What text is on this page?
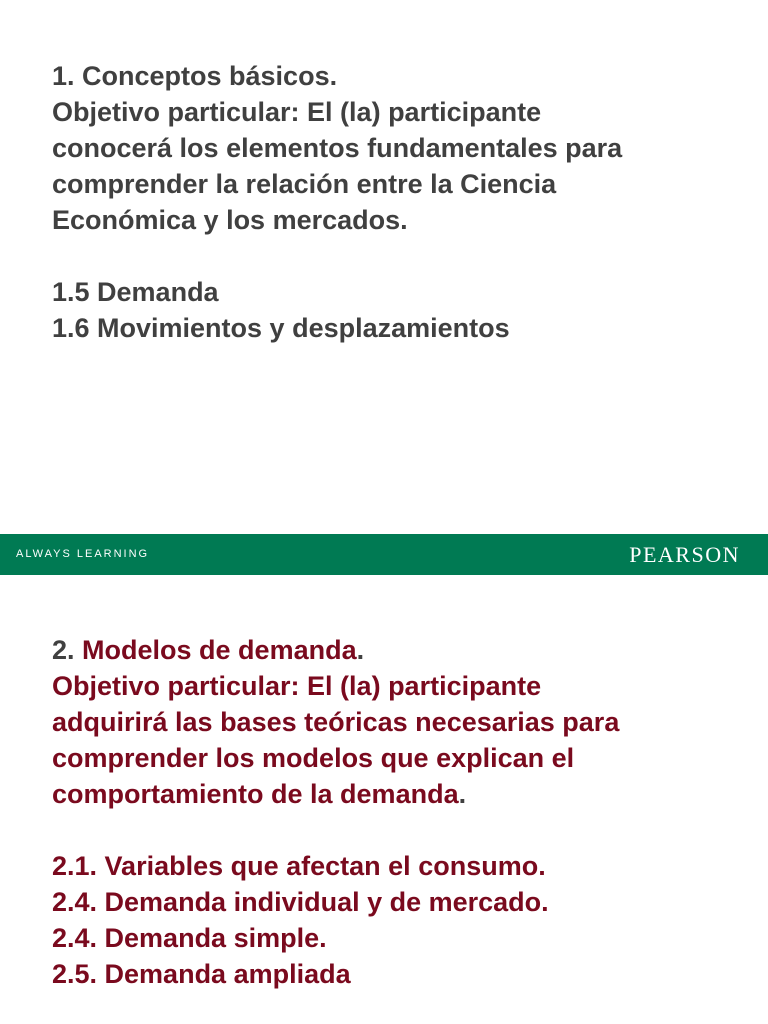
1. Conceptos básicos.
Objetivo particular: El (la) participante
conocerá los elementos fundamentales para
comprender la relación entre la Ciencia
Económica y los mercados.
1.5 Demanda
1.6 Movimientos y desplazamientos
ALWAYS LEARNING	PEARSON
2. Modelos de demanda.
Objetivo particular: El (la) participante
adquirirá las bases teóricas necesarias para
comprender los modelos que explican el
comportamiento de la demanda.
2.1. Variables que afectan el consumo.
2.4. Demanda individual y de mercado.
2.4. Demanda simple.
2.5. Demanda ampliada
